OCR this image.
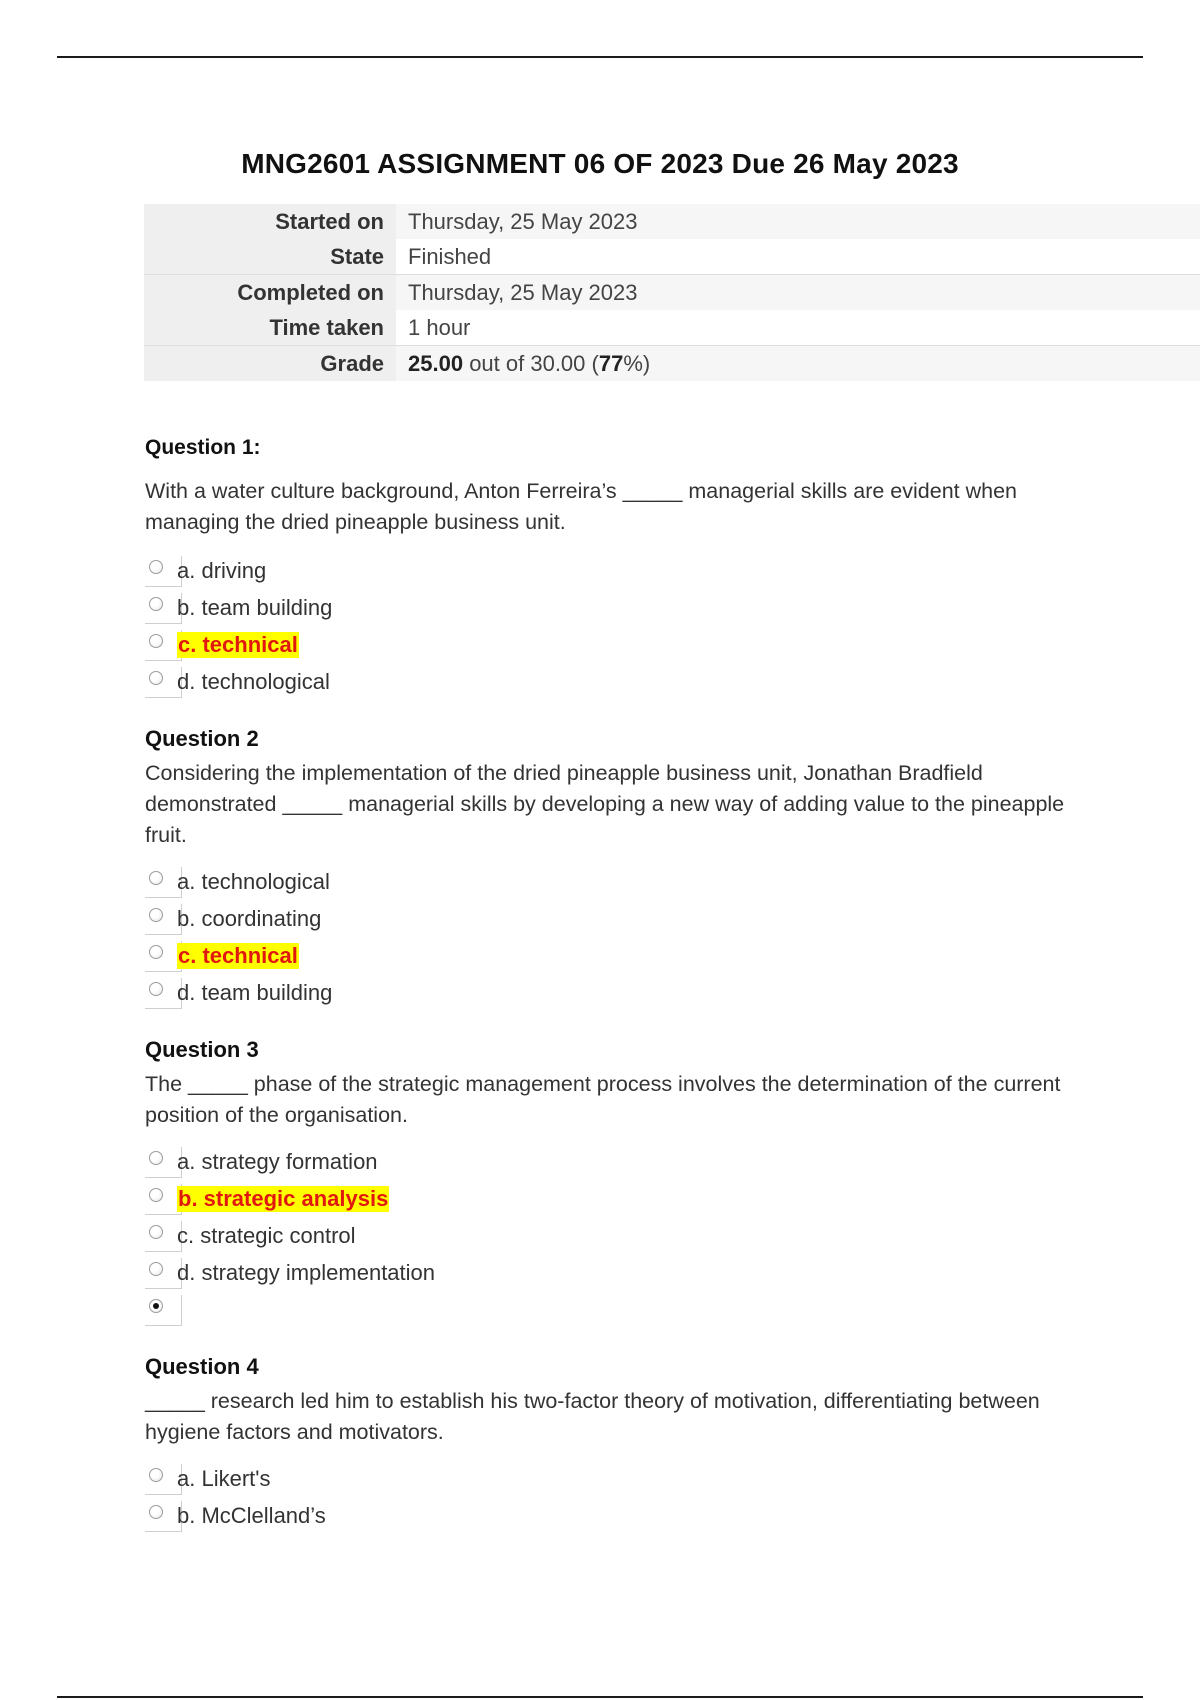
MNG2601 ASSIGNMENT 06 OF 2023 Due 26 May 2023
Started on	Thursday, 25 May 2023
State	Finished
Completed on	Thursday, 25 May 2023
Time taken	1 hour
Grade	25.00 out of 30.00 (77%)
Question 1:
With a water culture background, Anton Ferreira’s _____ managerial skills are evident when managing the dried pineapple business unit.
a. driving
b. team building
c. technical
d. technological
Question 2
Considering the implementation of the dried pineapple business unit, Jonathan Bradfield demonstrated _____ managerial skills by developing a new way of adding value to the pineapple fruit.
a. technological
b. coordinating
c. technical
d. team building
Question 3
The _____ phase of the strategic management process involves the determination of the current position of the organisation.
a. strategy formation
b. strategic analysis
c. strategic control
d. strategy implementation
Question 4
_____ research led him to establish his two-factor theory of motivation, differentiating between hygiene factors and motivators.
a. Likert's
b. McClelland’s
